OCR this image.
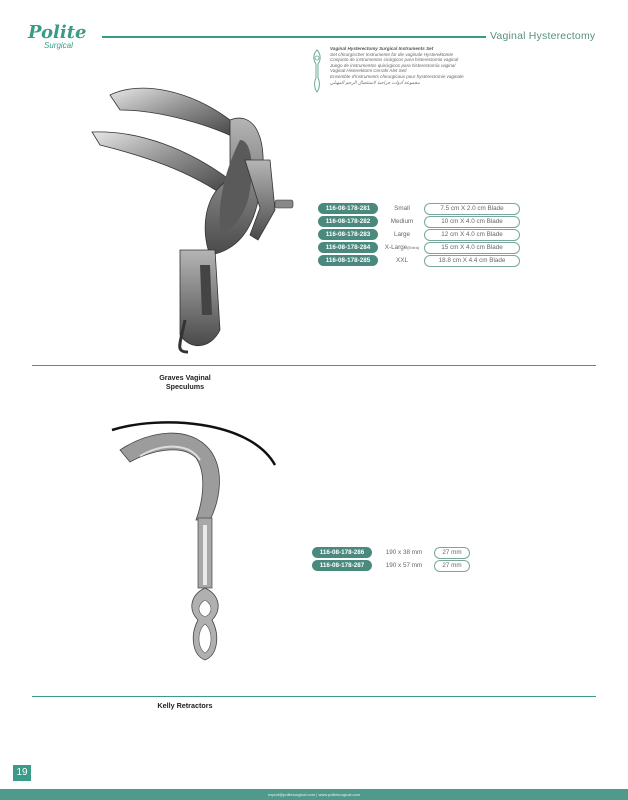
Polite
Surgical
Vaginal Hysterectomy
Vaginal Hysterectomy Surgical Instruments Set
Set chirurgischer Instrumente für die vaginale Hysterektomie
Conjunto de instrumentos cirúrgicos para histerectomia vaginal
Juego de instrumentos quirúrgicos para histerectomía vaginal
Vaginal Histerektomi Cerrahi Alet Seti
Ensemble d'instruments chirurgicaux pour hystérectomie vaginale
مجموعة أدوات جراحية لاستئصال الرحم المهبلي
116-08-178-281	Small	7.5 cm X 2.0 cm Blade
116-08-178-282	Medium	10 cm X 4.0 cm Blade
116-08-178-283	Large	12 cm X 4.0 cm Blade
116-08-178-284	X-Large(Extra)	15 cm X 4.0 cm Blade
116-08-178-285	XXL	18.8 cm X 4.4 cm Blade
Graves Vaginal
Speculums
116-08-178-286	190 x 38 mm	27 mm
116-08-178-287	190 x 57 mm	27 mm
Kelly Retractors
19
export@politesurgical.com | www.politesurgical.com
